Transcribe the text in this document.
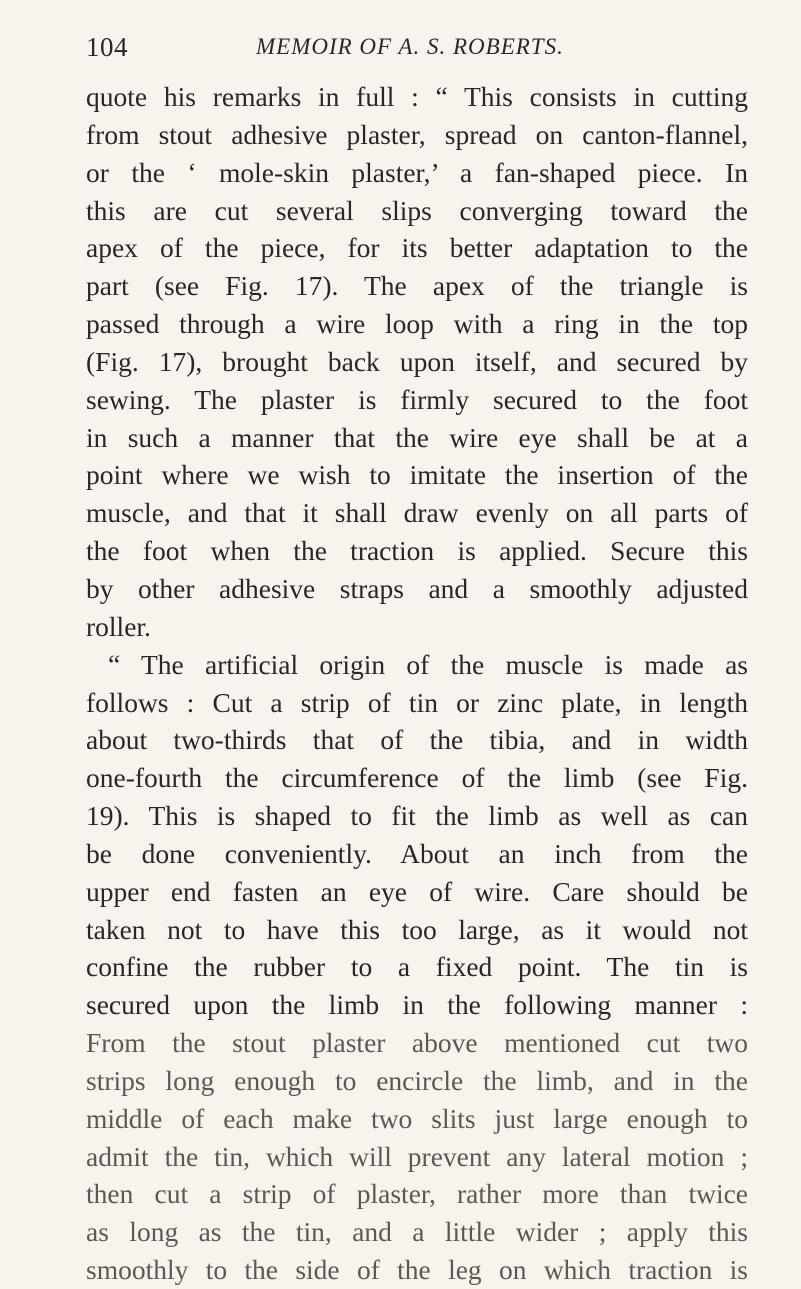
104	MEMOIR OF A. S. ROBERTS.
quote his remarks in full : “ This consists in cutting
from stout adhesive plaster, spread on canton-flannel,
or the ‘ mole-skin plaster,’ a fan-shaped piece. In
this are cut several slips converging toward the
apex of the piece, for its better adaptation to the
part (see Fig. 17). The apex of the triangle is
passed through a wire loop with a ring in the top
(Fig. 17), brought back upon itself, and secured by
sewing. The plaster is firmly secured to the foot
in such a manner that the wire eye shall be at a
point where we wish to imitate the insertion of the
muscle, and that it shall draw evenly on all parts of
the foot when the traction is applied. Secure this
by other adhesive straps and a smoothly adjusted
roller.
“ The artificial origin of the muscle is made as
follows : Cut a strip of tin or zinc plate, in length
about two-thirds that of the tibia, and in width
one-fourth the circumference of the limb (see Fig.
19). This is shaped to fit the limb as well as can
be done conveniently. About an inch from the
upper end fasten an eye of wire. Care should be
taken not to have this too large, as it would not
confine the rubber to a fixed point. The tin is
secured upon the limb in the following manner :
From the stout plaster above mentioned cut two
strips long enough to encircle the limb, and in the
middle of each make two slits just large enough to
admit the tin, which will prevent any lateral motion ;
then cut a strip of plaster, rather more than twice
as long as the tin, and a little wider ; apply this
smoothly to the side of the leg on which traction is
